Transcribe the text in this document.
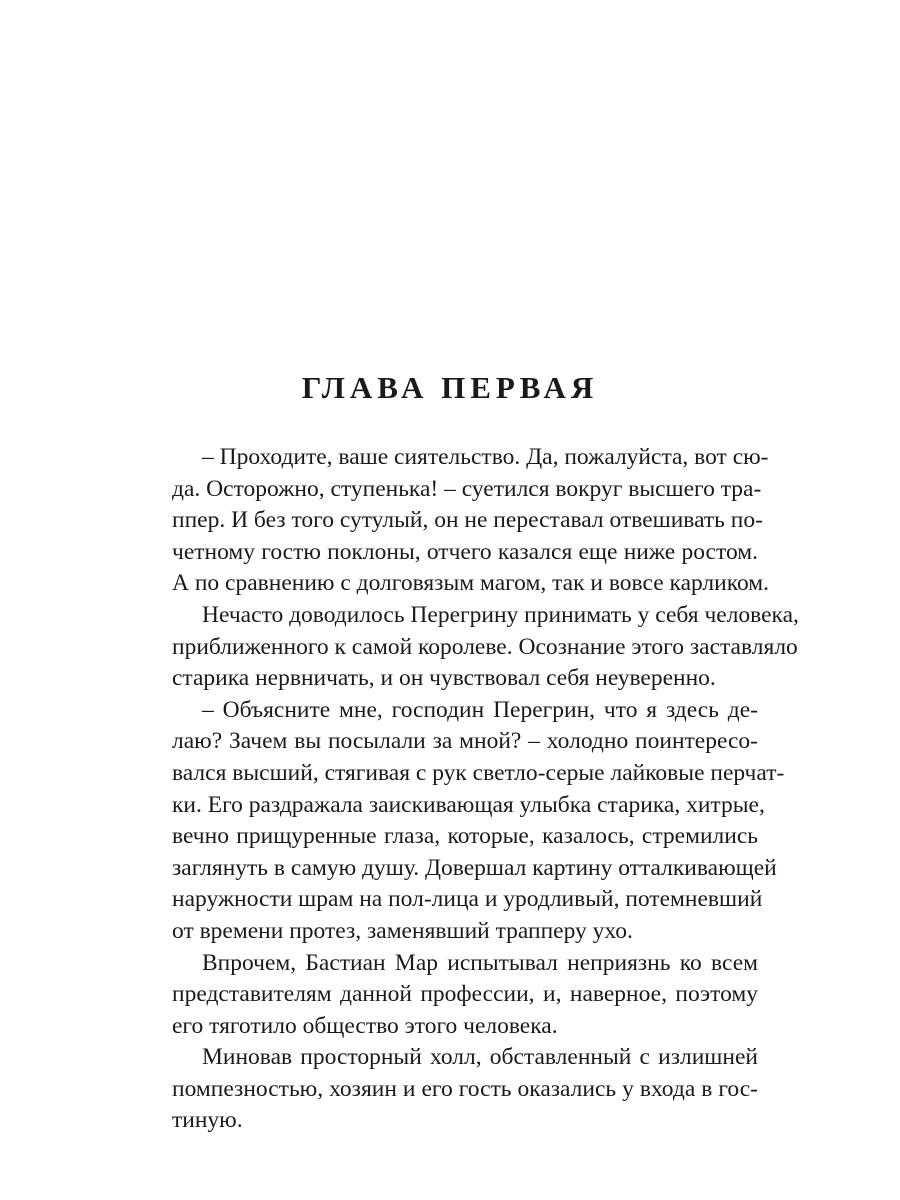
ГЛАВА ПЕРВАЯ
– Проходите, ваше сиятельство. Да, пожалуйста, вот сю-
да. Осторожно, ступенька! – суетился вокруг высшего тра-
ппер. И без того сутулый, он не переставал отвешивать по-
четному гостю поклоны, отчего казался еще ниже ростом.
А по сравнению с долговязым магом, так и вовсе карликом.
Нечасто доводилось Перегрину принимать у себя человека,
приближенного к самой королеве. Осознание этого заставляло
старика нервничать, и он чувствовал себя неуверенно.
– Объясните мне, господин Перегрин, что я здесь де-
лаю? Зачем вы посылали за мной? – холодно поинтересо-
вался высший, стягивая с рук светло-серые лайковые перчат-
ки. Его раздражала заискивающая улыбка старика, хитрые,
вечно прищуренные глаза, которые, казалось, стремились
заглянуть в самую душу. Довершал картину отталкивающей
наружности шрам на пол-лица и уродливый, потемневший
от времени протез, заменявший трапперу ухо.
Впрочем, Бастиан Мар испытывал неприязнь ко всем
представителям данной профессии, и, наверное, поэтому
его тяготило общество этого человека.
Миновав просторный холл, обставленный с излишней
помпезностью, хозяин и его гость оказались у входа в гос-
тиную.
